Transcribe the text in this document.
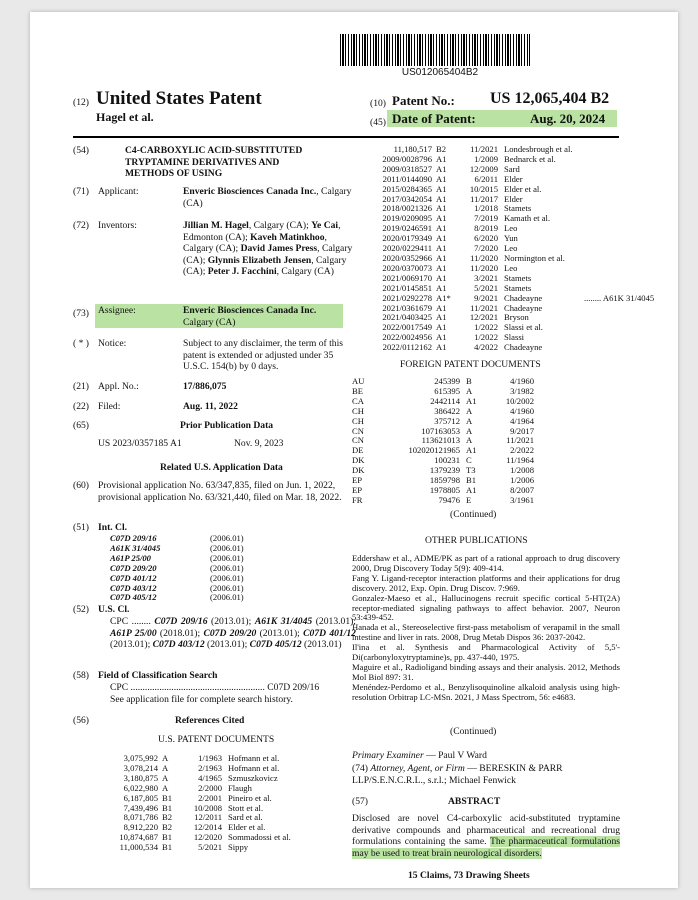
US012065404B2
(12) United States Patent
Hagel et al.
(10) Patent No.: US 12,065,404 B2
(45) Date of Patent:	Aug. 20, 2024
(54)	C4-CARBOXYLIC ACID-SUBSTITUTED TRYPTAMINE DERIVATIVES AND METHODS OF USING
(71) Applicant:	Enveric Biosciences Canada Inc., Calgary (CA)
(72) Inventors:	Jillian M. Hagel, Calgary (CA); Ye Cai, Edmonton (CA); Kaveh Matinkhoo, Calgary (CA); David James Press, Calgary (CA); Glynnis Elizabeth Jensen, Calgary (CA); Peter J. Facchini, Calgary (CA)
(73) Assignee:	Enveric Biosciences Canada Inc.
Calgary (CA)
( * ) Notice:	Subject to any disclaimer, the term of this patent is extended or adjusted under 35 U.S.C. 154(b) by 0 days.
(21) Appl. No.:	17/886,075
(22) Filed:	Aug. 11, 2022
(65)	Prior Publication Data
US 2023/0357185 A1	Nov. 9, 2023
Related U.S. Application Data
(60) Provisional application No. 63/347,835, filed on Jun. 1, 2022, provisional application No. 63/321,440, filed on Mar. 18, 2022.
(51) Int. Cl.
C07D 209/16	(2006.01)
A61K 31/4045	(2006.01)
A61P 25/00	(2006.01)
C07D 209/20	(2006.01)
C07D 401/12	(2006.01)
C07D 403/12	(2006.01)
C07D 405/12	(2006.01)
(52) U.S. Cl.
CPC ........ C07D 209/16 (2013.01); A61K 31/4045 (2013.01); A61P 25/00 (2018.01); C07D 209/20 (2013.01); C07D 401/12 (2013.01); C07D 403/12 (2013.01); C07D 405/12 (2013.01)
(58) Field of Classification Search
CPC ........................................................ C07D 209/16
See application file for complete search history.
(56)	References Cited
U.S. PATENT DOCUMENTS
3,075,992	A	1/1963	Hofmann et al.
3,078,214	A	2/1963	Hofmann et al.
3,180,875	A	4/1965	Szmuszkovicz
6,022,980	A	2/2000	Flaugh
6,187,805	B1	2/2001	Pineiro et al.
7,439,496	B1	10/2008	Stott et al.
8,071,786	B2	12/2011	Sard et al.
8,912,220	B2	12/2014	Elder et al.
10,874,687	B1	12/2020	Sommadossi et al.
11,000,534	B1	5/2021	Sippy
11,180,517	B2	11/2021	Londesbrough et al.	
2009/0028796	A1	1/2009	Bednarck et al.	
2009/0318527	A1	12/2009	Sard	
2011/0144090	A1	6/2011	Elder	
2015/0284365	A1	10/2015	Elder et al.	
2017/0342054	A1	11/2017	Elder	
2018/0021326	A1	1/2018	Stamets	
2019/0209095	A1	7/2019	Kamath et al.	
2019/0246591	A1	8/2019	Leo	
2020/0179349	A1	6/2020	Yun	
2020/0229411	A1	7/2020	Leo	
2020/0352966	A1	11/2020	Normington et al.	
2020/0370073	A1	11/2020	Leo	
2021/0069170	A1	3/2021	Stamets	
2021/0145851	A1	5/2021	Stamets	
2021/0292278	A1*	9/2021	Chadeayne	........ A61K 31/4045
2021/0361679	A1	11/2021	Chadeayne	
2021/0403425	A1	12/2021	Bryson	
2022/0017549	A1	1/2022	Slassi et al.	
2022/0024956	A1	1/2022	Slassi	
2022/0112162	A1	4/2022	Chadeayne	
FOREIGN PATENT DOCUMENTS
AU	245399	B	4/1960
BE	615395	A	3/1982
CA	2442114	A1	10/2002
CH	386422	A	4/1960
CH	375712	A	4/1964
CN	107163053	A	9/2017
CN	113621013	A	11/2021
DE	102020121965	A1	2/2022
DK	100231	C	11/1964
DK	1379239	T3	1/2008
EP	1859798	B1	1/2006
EP	1978805	A1	8/2007
FR	79476	E	3/1961
(Continued)
OTHER PUBLICATIONS
Eddershaw et al., ADME/PK as part of a rational approach to drug discovery 2000, Drug Discovery Today 5(9): 409-414.
Fang Y. Ligand-receptor interaction platforms and their applications for drug discovery. 2012, Exp. Opin. Drug Discov. 7:969.
Gonzalez-Maeso et al., Hallucinogens recruit specific cortical 5-HT(2A) receptor-mediated signaling pathways to affect behavior. 2007, Neuron 53:439-452.
Hanada et al., Stereoselective first-pass metabolism of verapamil in the small intestine and liver in rats. 2008, Drug Metab Dispos 36: 2037-2042.
Il'ina et al. Synthesis and Pharmacological Activity of 5,5'-Di(carbonyloxytryptamine)s, pp. 437-440, 1975.
Maguire et al., Radioligand binding assays and their analysis. 2012, Methods Mol Biol 897: 31.
Menéndez-Perdomo et al., Benzylisoquinoline alkaloid analysis using high-resolution Orbitrap LC-MSn. 2021, J Mass Spectrom, 56: e4683.
(Continued)
Primary Examiner — Paul V Ward
(74) Attorney, Agent, or Firm — BERESKIN & PARR LLP/S.E.N.C.R.L., s.r.l.; Michael Fenwick
(57)	ABSTRACT
Disclosed are novel C4-carboxylic acid-substituted tryptamine derivative compounds and pharmaceutical and recreational drug formulations containing the same. The pharmaceutical formulations may be used to treat brain neurological disorders.
15 Claims, 73 Drawing Sheets
